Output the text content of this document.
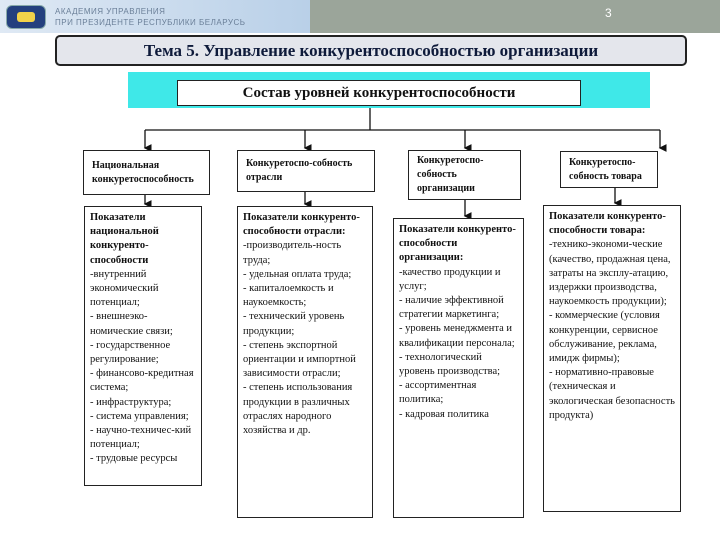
АКАДЕМИЯ УПРАВЛЕНИЯ
ПРИ ПРЕЗИДЕНТЕ РЕСПУБЛИКИ БЕЛАРУСЬ
3
Тема 5. Управление конкурентоспособностью организации
Состав уровней конкурентоспособности
Национальная конкуретоспособность
Конкуретоспо-собность отрасли
Конкуретоспо-собность организации
Конкуретоспо-собность товара
Показатели национальной конкуренто-способности
-внутренний экономический потенциал;
- внешнеэко-номические связи;
- государственное регулирование;
- финансово-кредитная система;
- инфраструктура;
- система управления;
- научно-техничес-кий потенциал;
- трудовые ресурсы
Показатели конкуренто-способности отрасли:
-производитель-ность труда;
- удельная оплата труда;
- капиталоемкость и наукоемкость;
- технический уровень продукции;
- степень экспортной ориентации и импортной зависимости отрасли;
- степень использования продукции в различных отраслях народного хозяйства и др.
Показатели конкуренто-способности организации:
-качество продукции и услуг;
- наличие эффективной стратегии маркетинга;
- уровень менеджмента и квалификации персонала;
- технологический уровень производства;
- ассортиментная политика;
- кадровая политика
Показатели конкуренто-способности товара:
-технико-экономи-ческие (качество, продажная цена, затраты на эксплу-атацию, издержки производства, наукоемкость продукции);
- коммерческие (условия конкуренции, сервисное обслуживание, реклама, имидж фирмы);
- нормативно-правовые (техническая и экологическая безопасность продукта)
